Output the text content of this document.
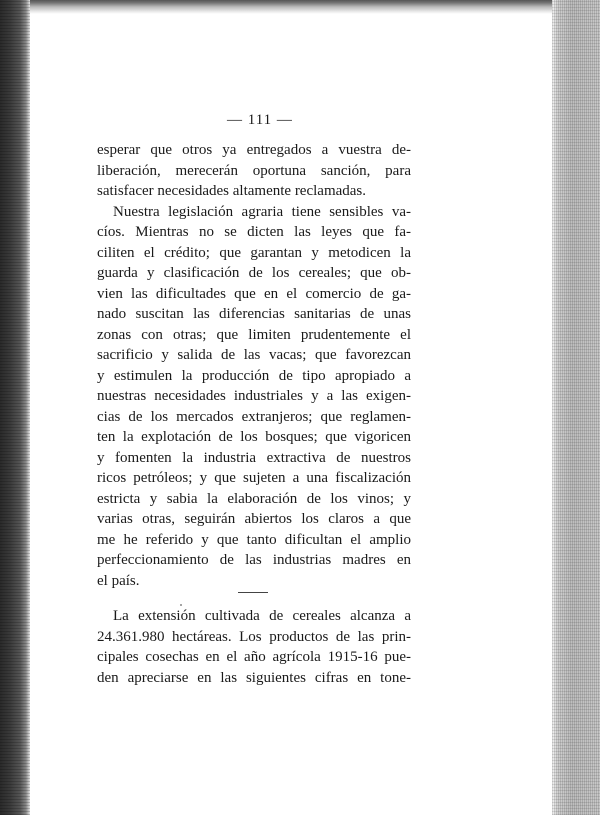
— 111 —
esperar que otros ya entregados a vuestra de-
liberación, merecerán oportuna sanción, para
satisfacer necesidades altamente reclamadas.
Nuestra legislación agraria tiene sensibles va-
cíos. Mientras no se dicten las leyes que fa-
ciliten el crédito; que garantan y metodicen la
guarda y clasificación de los cereales; que ob-
vien las dificultades que en el comercio de ga-
nado suscitan las diferencias sanitarias de unas
zonas con otras; que limiten prudentemente el
sacrificio y salida de las vacas; que favorezcan
y estimulen la producción de tipo apropiado a
nuestras necesidades industriales y a las exigen-
cias de los mercados extranjeros; que reglamen-
ten la explotación de los bosques; que vigoricen
y fomenten la industria extractiva de nuestros
ricos petróleos; y que sujeten a una fiscalización
estricta y sabia la elaboración de los vinos; y
varias otras, seguirán abiertos los claros a que
me he referido y que tanto dificultan el amplio
perfeccionamiento de las industrias madres en
el país.
La extensión cultivada de cereales alcanza a
24.361.980 hectáreas. Los productos de las prin-
cipales cosechas en el año agrícola 1915-16 pue-
den apreciarse en las siguientes cifras en tone-
